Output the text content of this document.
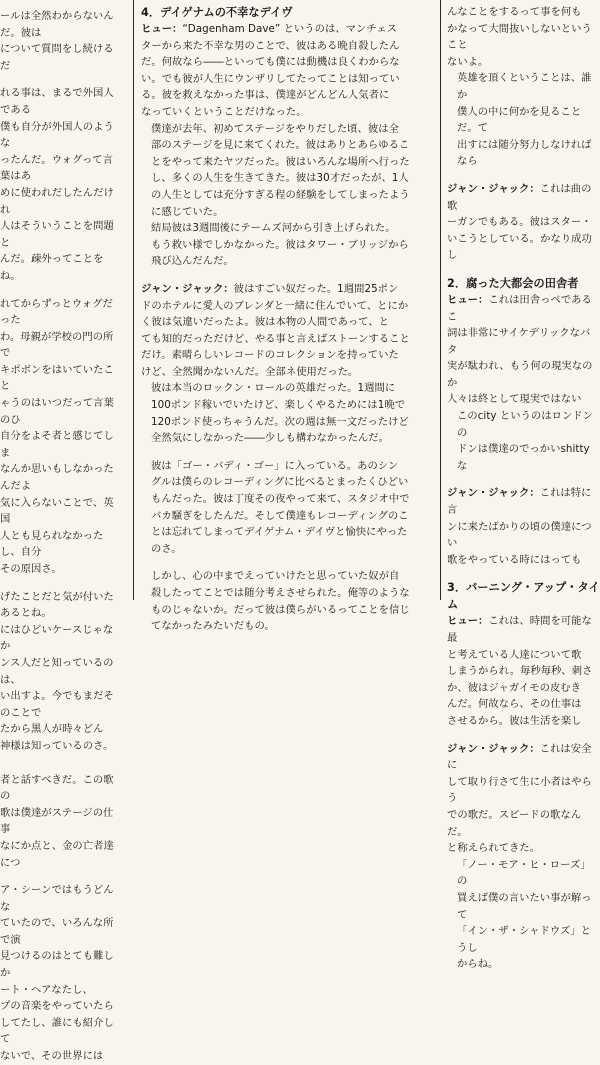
ールは全然わからないんだ。彼は

について質問をし続けるだ

れる事は、まるで外国人である

僕も自分が外国人のような

ったんだ。ウォグって言葉はあ

めに使われだしたんだけれ

人はそういうことを問題と

んだ。疎外ってことをね。

れてからずっとウォグだった

わ。母親が学校の門の所で

キポボンをはいていたこと

ゃうのはいつだって言葉のひ

自分をよそ者と感じてしま

なんか思いもしなかったんだよ

気に入らないことで、英国

人とも見られなかったし、自分

その原因さ。

げたことだと気が付いた

あるとね。

にはひどいケースじゃなか

ンス人だと知っているのは、

い出すよ。今でもまだそのことで

たから黒人が時々どん

神様は知っているのさ。

者と話すべきだ。この歌の

歌は僕達がステージの仕事

なにか点と、金の亡者達につ

ア・シーンではもうどんな

ていたので、いろんな所で演

見つけるのはとても難しか

ート・ヘアなたし、

プの音楽をやっていたら

してたし、誰にも紹介して

ないで、その世界には

4．デイゲナムの不幸なデイヴ

ヒュー：“Dagenham Dave” というのは、マンチェス

ターから来た不幸な男のことで、彼はある晩自殺したん

だ。何故なら――といっても僕には動機は良くわからな

い。でも彼が人生にウンザリしてたってことは知ってい

る。彼を救えなかった事は、僕達がどんどん人気者に

なっていくということだけなった。

僕達が去年、初めてステージをやりだした頃、彼は全

部のステージを見に来てくれた。彼はありとあらゆるこ

とをやって来たヤツだった。彼はいろんな場所へ行った

し、多くの人生を生きてきた。彼は30才だったが、1人

の人生としては充分すぎる程の経験をしてしまったよう

に感じていた。

結局彼は3週間後にテームズ河から引き上げられた。

もう救い様でしかなかった。彼はタワー・ブリッジから

飛び込んだんだ。

ジャン・ジャック：彼はすごい奴だった。1週間25ポン

ドのホテルに愛人のブレンダと一緒に住んでいて、とにか

く彼は気違いだったよ。彼は本物の人間であって、と

ても知的だっただけど、やる事と言えばストーンすること

だけ。素晴らしいレコードのコレクションを持っていた

けど、全然聞かないんだ。全部ネ使用だった。

彼は本当のロックン・ロールの英雄だった。1週間に

100ポンド稼いでいたけど、楽しくやるためには1晩で

120ポンド使っちゃうんだ。次の週は無一文だったけど

全然気にしなかった――少しも構わなかったんだ。

彼は「ゴー・バディ・ゴー」に入っている。あのシン

グルは僕らのレコーディングに比べるとまったくひどい

もんだった。彼は丁度その夜やって来て、スタジオ中で

バカ騒ぎをしたんだ。そして僕達もレコーディングのこ

とは忘れてしまってデイゲナム・デイヴと愉快にやった

のさ。

しかし、心の中までえっていけたと思っていた奴が自

殺したってことでは随分考えさせられた。俺等のような

ものじゃないか。だって彼は僕らがいるってことを信じ

てなかったみたいだもの。

んなことをするって事を何も

かなって大間抜いしないということ

ないよ。

英雄を頂くということは、誰か

僕人の中に何かを見ることだ。て

出すには随分努力しなければなら

ジャン・ジャック：これは曲の歌

ーガンでもある。彼はスター・

いこうとしている。かなり成功し

2．腐った大都会の田舎者

ヒュー：これは田舎っぺであるこ

詞は非常にサイケデリックなバタ

実が駄われ、もう何の現実なのか

人々は終として現実ではない

このcity というのはロンドンの

ドンは僕達のでっかいshittyな

ジャン・ジャック：これは特に言

ンに来たばかりの頃の僕達につい

歌をやっている時にはっても

3．バーニング・アップ・タイム

ヒュー：これは、時間を可能な最

と考えている人達について歌

しまうかられ。毎秒毎秒、刺さ

か、彼はジャガイモの皮むき

んだ。何故なら、その仕事は

させるから。彼は生活を楽し

ジャン・ジャック：これは安全に

して取り行さて生に小者はやらう

での歌だ。スピードの歌なんだ。

と称えられてきた。

「ノー・モア・ヒ・ローズ」の

買えば僕の言いたい事が解って

「イン・ザ・シャドウズ」とうし

からね。
